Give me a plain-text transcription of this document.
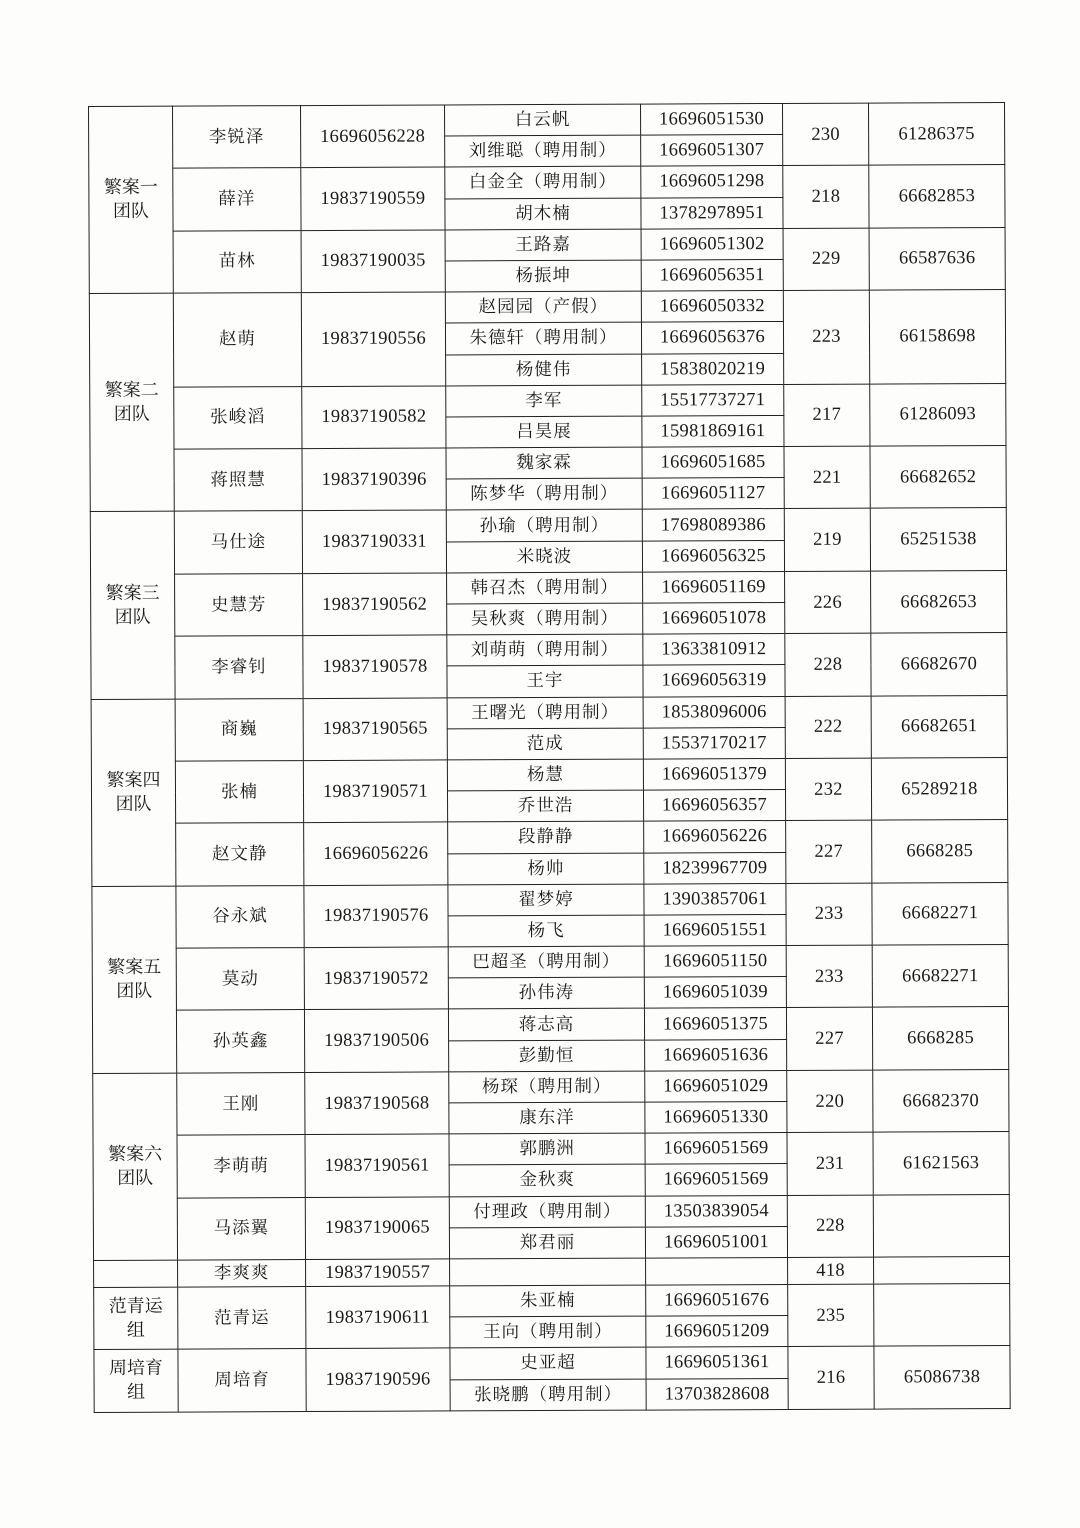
繁案一
团队	李锐泽	16696056228	白云帆	16696051530	230	61286375
			刘维聪（聘用制）	16696051307		
	薛洋	19837190559	白金全（聘用制）	16696051298	218	66682853
			胡木楠	13782978951		
	苗林	19837190035	王路嘉	16696051302	229	66587636
			杨振坤	16696056351		
繁案二
团队	赵萌	19837190556	赵园园（产假）	16696050332	223	66158698
			朱德轩（聘用制）	16696056376		
			杨健伟	15838020219		
	张峻滔	19837190582	李军	15517737271	217	61286093
			吕昊展	15981869161		
	蒋照慧	19837190396	魏家霖	16696051685	221	66682652
			陈梦华（聘用制）	16696051127		
繁案三
团队	马仕途	19837190331	孙瑜（聘用制）	17698089386	219	65251538
			米晓波	16696056325		
	史慧芳	19837190562	韩召杰（聘用制）	16696051169	226	66682653
			吴秋爽（聘用制）	16696051078		
	李睿钊	19837190578	刘萌萌（聘用制）	13633810912	228	66682670
			王宇	16696056319		
繁案四
团队	商巍	19837190565	王曙光（聘用制）	18538096006	222	66682651
			范成	15537170217		
	张楠	19837190571	杨慧	16696051379	232	65289218
			乔世浩	16696056357		
	赵文静	16696056226	段静静	16696056226	227	6668285
			杨帅	18239967709		
繁案五
团队	谷永斌	19837190576	翟梦婷	13903857061	233	66682271
			杨飞	16696051551		
	莫动	19837190572	巴超圣（聘用制）	16696051150	233	66682271
			孙伟涛	16696051039		
	孙英鑫	19837190506	蒋志高	16696051375	227	6668285
			彭勤恒	16696051636		
繁案六
团队	王刚	19837190568	杨琛（聘用制）	16696051029	220	66682370
			康东洋	16696051330		
	李萌萌	19837190561	郭鹏洲	16696051569	231	61621563
			金秋爽	16696051569		
	马添翼	19837190065	付理政（聘用制）	13503839054	228	
			郑君丽	16696051001		
	李爽爽	19837190557			418	
范青运
组	范青运	19837190611	朱亚楠	16696051676	235	
			王向（聘用制）	16696051209		
周培育
组	周培育	19837190596	史亚超	16696051361	216	65086738
			张晓鹏（聘用制）	13703828608		
